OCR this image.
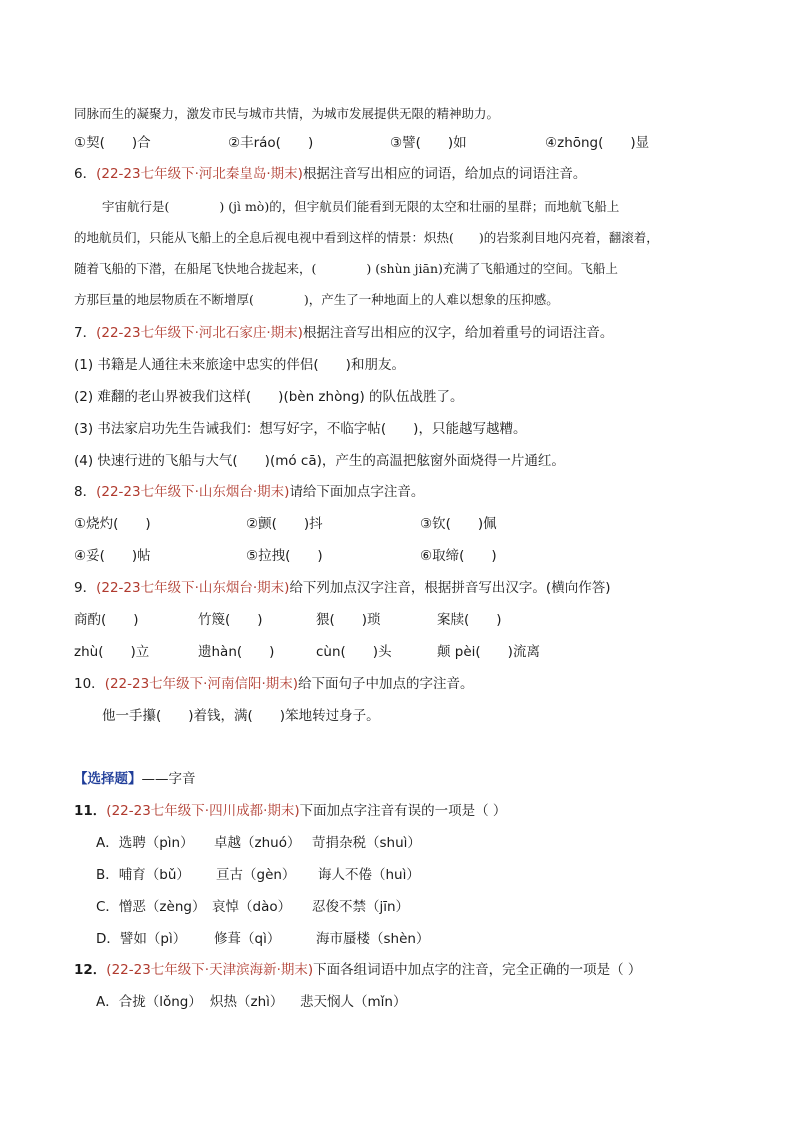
同脉而生的凝聚力，激发市民与城市共情，为城市发展提供无限的精神助力。
①契(　　)合	②丰ráo(　　)	③譬(　　)如	④zhōng(　　)显
6．(22-23七年级下·河北秦皇岛·期末)根据注音写出相应的词语，给加点的词语注音。
宇宙航行是(　　　　) (jì mò)的，但宇航员们能看到无限的太空和壮丽的星群；而地航飞船上
的地航员们，只能从飞船上的全息后视电视中看到这样的情景：炽热(　　)的岩浆刹目地闪亮着，翻滚着，
随着飞船的下潜，在船尾飞快地合拢起来，(　　　　) (shùn jiān)充满了飞船通过的空间。飞船上
方那巨量的地层物质在不断增厚(　　　　)，产生了一种地面上的人难以想象的压抑感。
7．(22-23七年级下·河北石家庄·期末)根据注音写出相应的汉字，给加着重号的词语注音。
(1) 书籍是人通往未来旅途中忠实的伴侣(　　)和朋友。
(2) 难翻的老山界被我们这样(　　)(bèn zhòng) 的队伍战胜了。
(3) 书法家启功先生告诫我们：想写好字，不临字帖(　　)，只能越写越糟。
(4) 快速行进的飞船与大气(　　)(mó cā)，产生的高温把舷窗外面烧得一片通红。
8．(22-23七年级下·山东烟台·期末)请给下面加点字注音。
①烧灼(　　)	②颤(　　)抖	③钦(　　)佩
④妥(　　)帖	⑤拉拽(　　)	⑥取缔(　　)
9．(22-23七年级下·山东烟台·期末)给下列加点汉字注音，根据拼音写出汉字。(横向作答)
商酌(　　)	竹篾(　　)	猥(　　)琐	案牍(　　)
zhù(　　)立	遗hàn(　　)	cùn(　　)头	颠 pèi(　　)流离
10．(22-23七年级下·河南信阳·期末)给下面句子中加点的字注音。
他一手攥(　　)着钱，满(　　)笨地转过身子。
【选择题】——字音
11．(22-23七年级下·四川成都·期末)下面加点字注音有误的一项是（ ）
A．选聘（pìn） 卓越（zhuó） 苛捐杂税（shuì）
B．哺育（bǔ） 亘古（gèn） 诲人不倦（huì）
C．憎恶（zèng） 哀悼（dào） 忍俊不禁（jīn）
D．譬如（pì） 修葺（qì）	海市蜃楼（shèn）
12．(22-23七年级下·天津滨海新·期末)下面各组词语中加点字的注音，完全正确的一项是（ ）
A．合拢（lǒng） 炽热（zhì） 悲天悯人（mǐn）
